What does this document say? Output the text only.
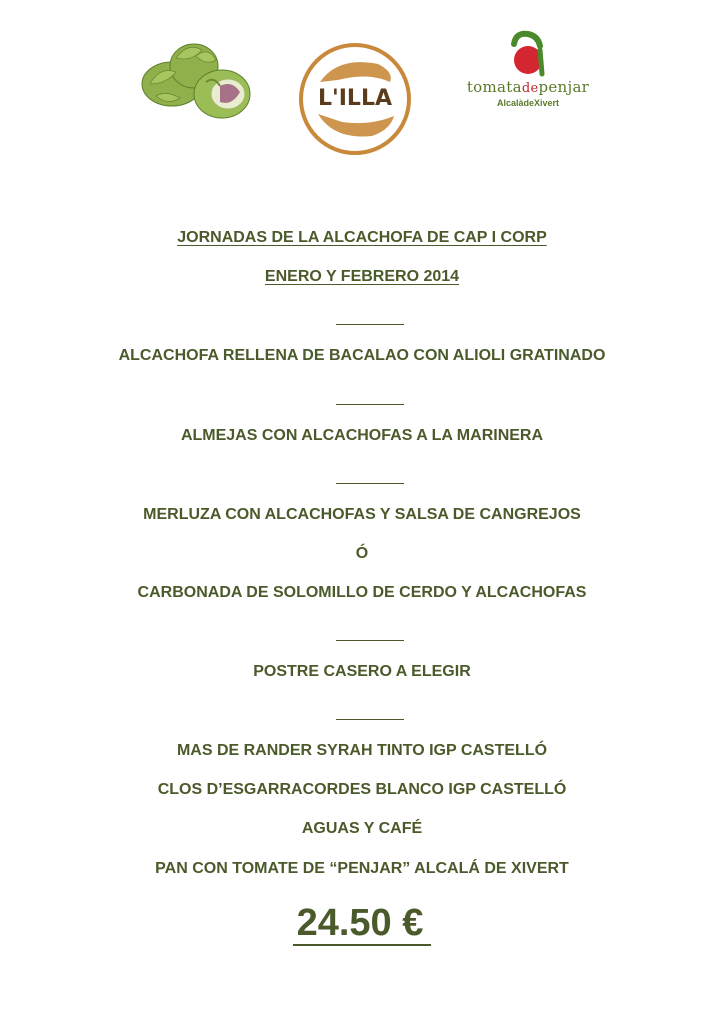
L'ILLA	tomatadepenjar
AlcalàdeXivert
JORNADAS DE LA ALCACHOFA DE CAP I CORP
ENERO Y FEBRERO 2014
ALCACHOFA RELLENA DE BACALAO CON ALIOLI GRATINADO
ALMEJAS CON ALCACHOFAS A LA MARINERA
MERLUZA CON ALCACHOFAS Y SALSA DE CANGREJOS
Ó
CARBONADA DE SOLOMILLO DE CERDO Y ALCACHOFAS
POSTRE CASERO A ELEGIR
MAS DE RANDER SYRAH TINTO IGP CASTELLÓ
CLOS D’ESGARRACORDES BLANCO IGP CASTELLÓ
AGUAS Y CAFÉ
PAN CON TOMATE DE “PENJAR” ALCALÁ DE XIVERT
24.50 €
